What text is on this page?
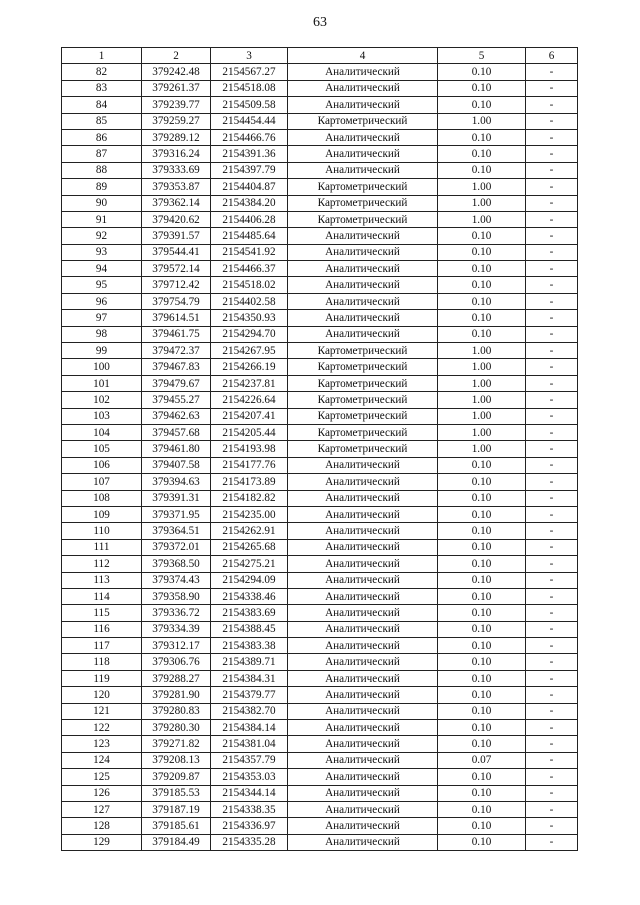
63
1	2	3	4	5	6
82	379242.48	2154567.27	Аналитический	0.10	-
83	379261.37	2154518.08	Аналитический	0.10	-
84	379239.77	2154509.58	Аналитический	0.10	-
85	379259.27	2154454.44	Картометрический	1.00	-
86	379289.12	2154466.76	Аналитический	0.10	-
87	379316.24	2154391.36	Аналитический	0.10	-
88	379333.69	2154397.79	Аналитический	0.10	-
89	379353.87	2154404.87	Картометрический	1.00	-
90	379362.14	2154384.20	Картометрический	1.00	-
91	379420.62	2154406.28	Картометрический	1.00	-
92	379391.57	2154485.64	Аналитический	0.10	-
93	379544.41	2154541.92	Аналитический	0.10	-
94	379572.14	2154466.37	Аналитический	0.10	-
95	379712.42	2154518.02	Аналитический	0.10	-
96	379754.79	2154402.58	Аналитический	0.10	-
97	379614.51	2154350.93	Аналитический	0.10	-
98	379461.75	2154294.70	Аналитический	0.10	-
99	379472.37	2154267.95	Картометрический	1.00	-
100	379467.83	2154266.19	Картометрический	1.00	-
101	379479.67	2154237.81	Картометрический	1.00	-
102	379455.27	2154226.64	Картометрический	1.00	-
103	379462.63	2154207.41	Картометрический	1.00	-
104	379457.68	2154205.44	Картометрический	1.00	-
105	379461.80	2154193.98	Картометрический	1.00	-
106	379407.58	2154177.76	Аналитический	0.10	-
107	379394.63	2154173.89	Аналитический	0.10	-
108	379391.31	2154182.82	Аналитический	0.10	-
109	379371.95	2154235.00	Аналитический	0.10	-
110	379364.51	2154262.91	Аналитический	0.10	-
111	379372.01	2154265.68	Аналитический	0.10	-
112	379368.50	2154275.21	Аналитический	0.10	-
113	379374.43	2154294.09	Аналитический	0.10	-
114	379358.90	2154338.46	Аналитический	0.10	-
115	379336.72	2154383.69	Аналитический	0.10	-
116	379334.39	2154388.45	Аналитический	0.10	-
117	379312.17	2154383.38	Аналитический	0.10	-
118	379306.76	2154389.71	Аналитический	0.10	-
119	379288.27	2154384.31	Аналитический	0.10	-
120	379281.90	2154379.77	Аналитический	0.10	-
121	379280.83	2154382.70	Аналитический	0.10	-
122	379280.30	2154384.14	Аналитический	0.10	-
123	379271.82	2154381.04	Аналитический	0.10	-
124	379208.13	2154357.79	Аналитический	0.07	-
125	379209.87	2154353.03	Аналитический	0.10	-
126	379185.53	2154344.14	Аналитический	0.10	-
127	379187.19	2154338.35	Аналитический	0.10	-
128	379185.61	2154336.97	Аналитический	0.10	-
129	379184.49	2154335.28	Аналитический	0.10	-
